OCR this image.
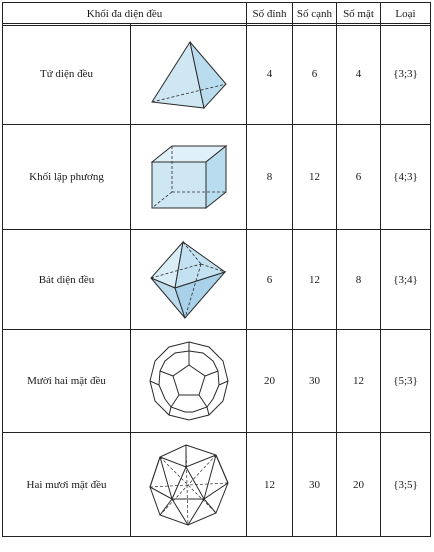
Khối đa diện đều	Số đỉnh	Số cạnh	Số mặt	Loại
Tứ diện đều		4	6	4	{3;3}
Khối lập phương		8	12	6	{4;3}
Bát diện đều		6	12	8	{3;4}
Mười hai mặt đều		20	30	12	{5;3}
Hai mươi mặt đều		12	30	20	{3;5}
